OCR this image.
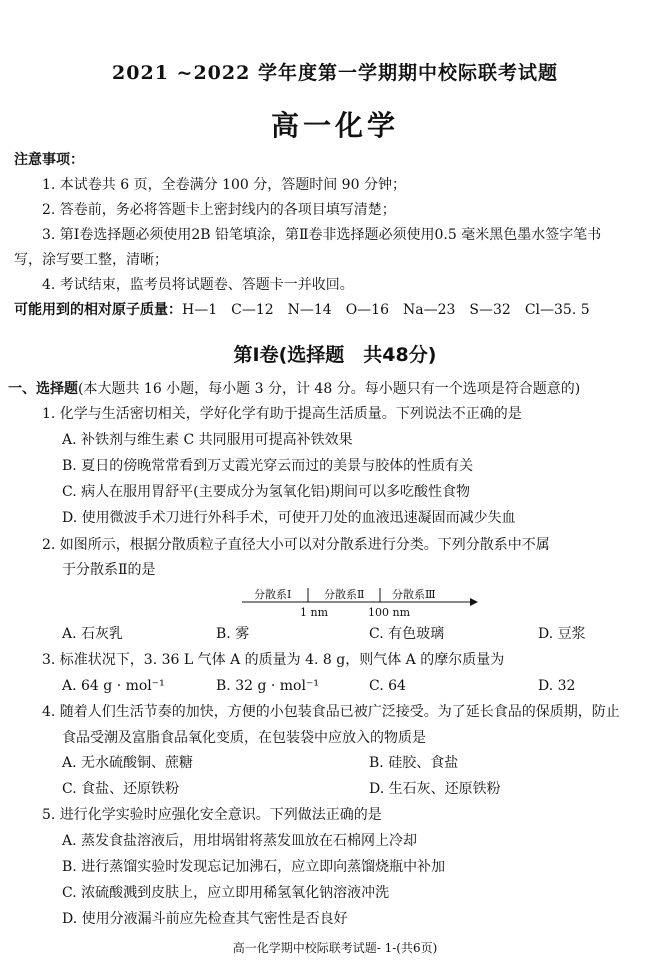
2021 ~2022 学年度第一学期期中校际联考试题
高一化学
注意事项：
1. 本试卷共 6 页，全卷满分 100 分，答题时间 90 分钟；
2. 答卷前，务必将答题卡上密封线内的各项目填写清楚；
3. 第Ⅰ卷选择题必须使用2B 铅笔填涂，第Ⅱ卷非选择题必须使用0.5 毫米黑色墨水签字笔书
写，涂写要工整，清晰；
4. 考试结束，监考员将试题卷、答题卡一并收回。
可能用到的相对原子质量：H—1　C—12　N—14　O—16　Na—23　S—32　Cl—35. 5
第Ⅰ卷(选择题　共48分)
一、选择题(本大题共 16 小题，每小题 3 分，计 48 分。每小题只有一个选项是符合题意的)
1. 化学与生活密切相关，学好化学有助于提高生活质量。下列说法不正确的是
A. 补铁剂与维生素 C 共同服用可提高补铁效果
B. 夏日的傍晚常常看到万丈霞光穿云而过的美景与胶体的性质有关
C. 病人在服用胃舒平(主要成分为氢氧化铝)期间可以多吃酸性食物
D. 使用微波手术刀进行外科手术，可使开刀处的血液迅速凝固而减少失血
2. 如图所示，根据分散质粒子直径大小可以对分散系进行分类。下列分散系中不属
于分散系Ⅱ的是
分散系Ⅰ	分散系Ⅱ	分散系Ⅲ
1 nm	100 nm
A. 石灰乳	B. 雾	C. 有色玻璃	D. 豆浆
3. 标准状况下，3. 36 L 气体 A 的质量为 4. 8 g，则气体 A 的摩尔质量为
A. 64 g · mol⁻¹	B. 32 g · mol⁻¹	C. 64	D. 32
4. 随着人们生活节奏的加快，方便的小包装食品已被广泛接受。为了延长食品的保质期，防止
食品受潮及富脂食品氧化变质，在包装袋中应放入的物质是
A. 无水硫酸铜、蔗糖	B. 硅胶、食盐
C. 食盐、还原铁粉	D. 生石灰、还原铁粉
5. 进行化学实验时应强化安全意识。下列做法正确的是
A. 蒸发食盐溶液后，用坩埚钳将蒸发皿放在石棉网上冷却
B. 进行蒸馏实验时发现忘记加沸石，应立即向蒸馏烧瓶中补加
C. 浓硫酸溅到皮肤上，应立即用稀氢氧化钠溶液冲洗
D. 使用分液漏斗前应先检查其气密性是否良好
高一化学期中校际联考试题- 1-(共6页)
